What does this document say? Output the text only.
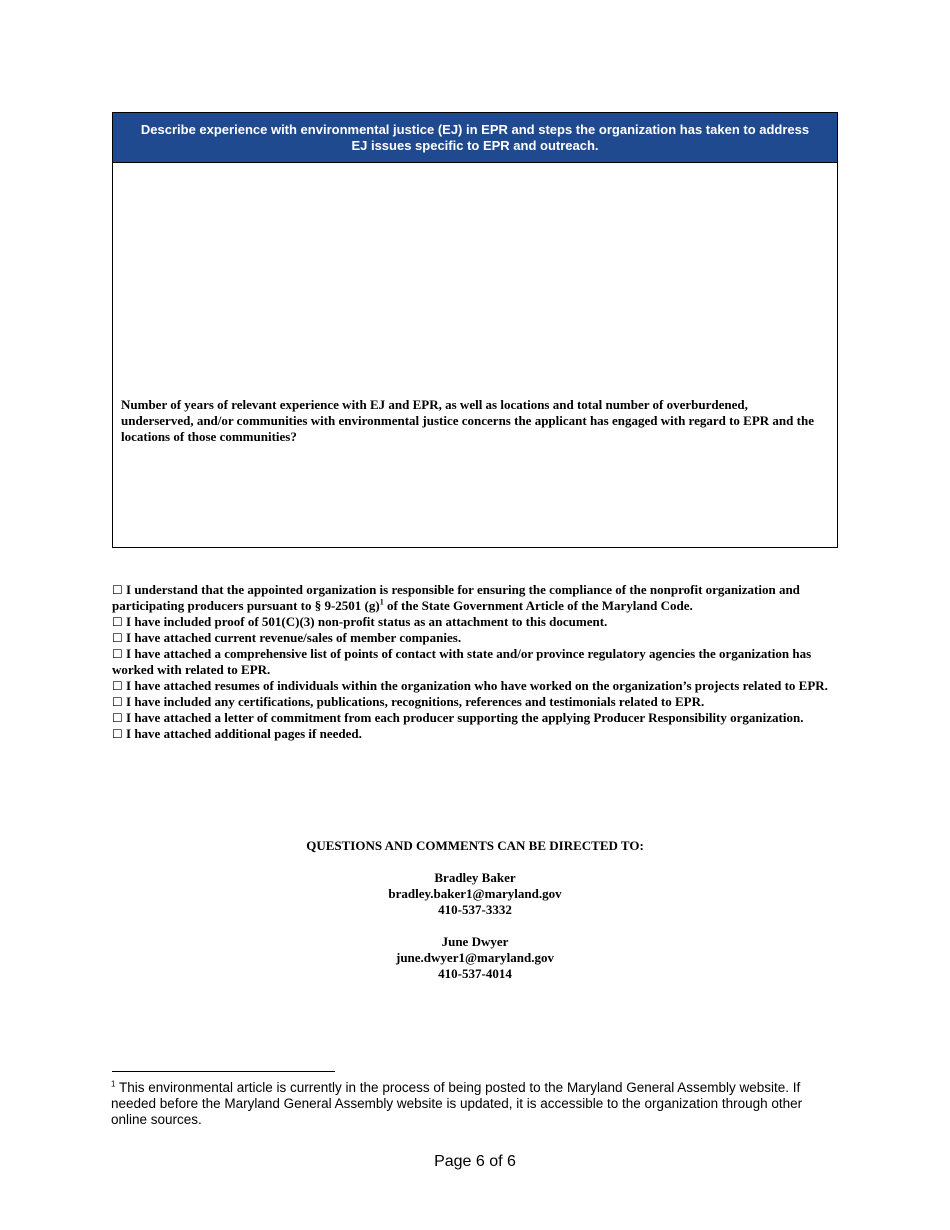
Describe experience with environmental justice (EJ) in EPR and steps the organization has taken to address EJ issues specific to EPR and outreach.
Number of years of relevant experience with EJ and EPR, as well as locations and total number of overburdened, underserved, and/or communities with environmental justice concerns the applicant has engaged with regard to EPR and the locations of those communities?

☐ I understand that the appointed organization is responsible for ensuring the compliance of the nonprofit organization and participating producers pursuant to § 9-2501 $(g)^1$ of the State Government Article of the Maryland Code.

☐ I have included proof of 501(C)(3) non-profit status as an attachment to this document.

☐ I have attached current revenue/sales of member companies.

☐ I have attached a comprehensive list of points of contact with state and/or province regulatory agencies the organization has worked with related to EPR.

☐ I have attached resumes of individuals within the organization who have worked on the organization’s projects related to EPR.

☐ I have included any certifications, publications, recognitions, references and testimonials related to EPR.

☐ I have attached a letter of commitment from each producer supporting the applying Producer Responsibility organization.

☐ I have attached additional pages if needed.

QUESTIONS AND COMMENTS CAN BE DIRECTED TO:
Bradley Baker
bradley.baker1@maryland.gov
410-537-3332
June Dwyer
june.dwyer1@maryland.gov
410-537-4014
$^1$ This environmental article is currently in the process of being posted to the Maryland General Assembly website. If needed before the Maryland General Assembly website is updated, it is accessible to the organization through other online sources.
Page 6 of 6
